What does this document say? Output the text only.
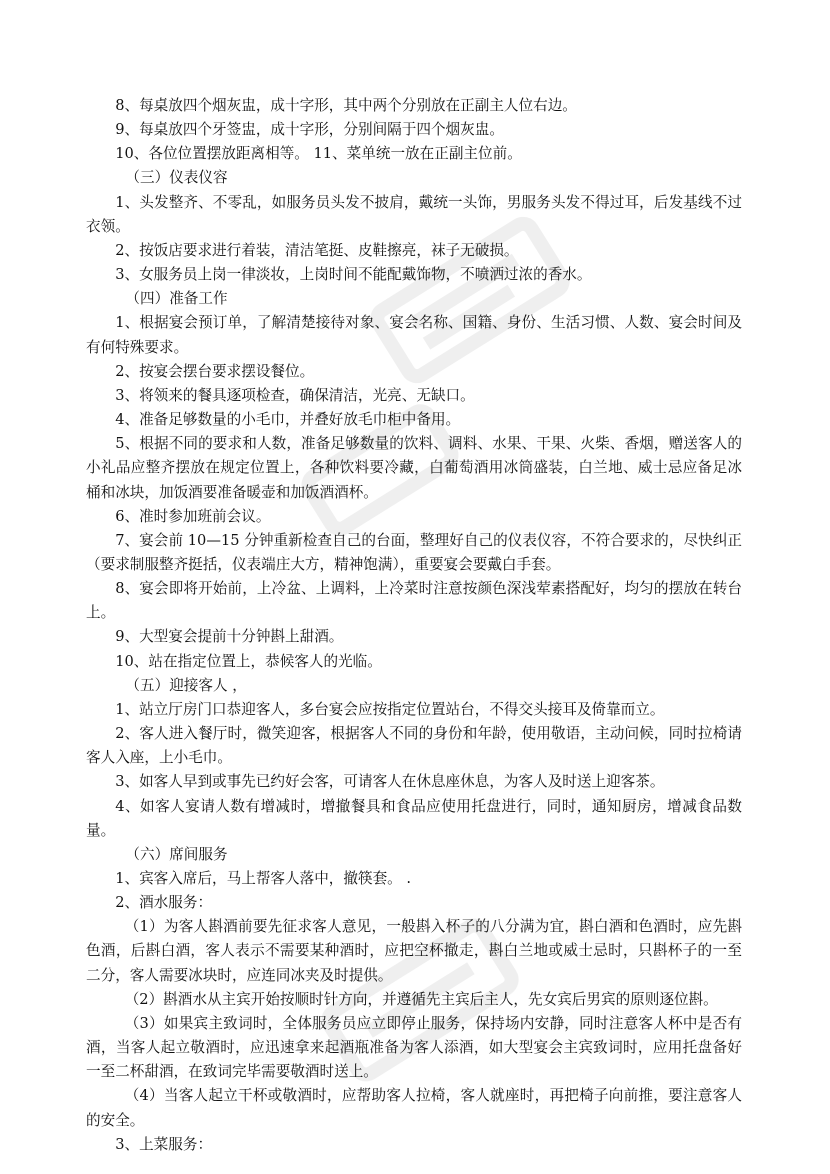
8、每桌放四个烟灰盅，成十字形，其中两个分别放在正副主人位右边。

9、每桌放四个牙签盅，成十字形，分别间隔于四个烟灰盅。

10、各位位置摆放距离相等。 11、菜单统一放在正副主位前。

（三）仪表仪容

1、头发整齐、不零乱，如服务员头发不披肩，戴统一头饰，男服务头发不得过耳，后发基线不过衣领。

2、按饭店要求进行着装，清洁笔挺、皮鞋擦亮，袜子无破损。

3、女服务员上岗一律淡妆，上岗时间不能配戴饰物，不喷洒过浓的香水。

（四）准备工作

1、根据宴会预订单，了解清楚接待对象、宴会名称、国籍、身份、生活习惯、人数、宴会时间及有何特殊要求。

2、按宴会摆台要求摆设餐位。

3、将领来的餐具逐项检查，确保清洁，光亮、无缺口。

4、准备足够数量的小毛巾，并叠好放毛巾柜中备用。

5、根据不同的要求和人数，准备足够数量的饮料、调料、水果、干果、火柴、香烟，赠送客人的小礼品应整齐摆放在规定位置上，各种饮料要冷藏，白葡萄酒用冰筒盛装，白兰地、威士忌应备足冰桶和冰块，加饭酒要准备暖壶和加饭酒酒杯。

6、准时参加班前会议。

7、宴会前 10—15 分钟重新检查自己的台面，整理好自己的仪表仪容，不符合要求的，尽快纠正（要求制服整齐挺括，仪表端庄大方，精神饱满），重要宴会要戴白手套。

8、宴会即将开始前，上冷盆、上调料，上冷菜时注意按颜色深浅荤素搭配好，均匀的摆放在转台上。

9、大型宴会提前十分钟斟上甜酒。

10、站在指定位置上，恭候客人的光临。

（五）迎接客人 ，

1、站立厅房门口恭迎客人，多台宴会应按指定位置站台，不得交头接耳及倚靠而立。

2、客人进入餐厅时，微笑迎客，根据客人不同的身份和年龄，使用敬语，主动问候，同时拉椅请客人入座，上小毛巾。

3、如客人早到或事先已约好会客，可请客人在休息座休息，为客人及时送上迎客茶。

4、如客人宴请人数有增减时，增撤餐具和食品应使用托盘进行，同时，通知厨房，增减食品数量。

（六）席间服务

1、宾客入席后，马上帮客人落中，撤筷套。 .

2、酒水服务：

（1）为客人斟酒前要先征求客人意见，一般斟入杯子的八分满为宜，斟白酒和色酒时，应先斟色酒，后斟白酒，客人表示不需要某种酒时，应把空杯撤走，斟白兰地或威士忌时，只斟杯子的一至二分，客人需要冰块时，应连同冰夹及时提供。

（2）斟酒水从主宾开始按顺时针方向，并遵循先主宾后主人，先女宾后男宾的原则逐位斟。

（3）如果宾主致词时，全体服务员应立即停止服务，保持场内安静，同时注意客人杯中是否有酒，当客人起立敬酒时，应迅速拿来起酒瓶准备为客人添酒，如大型宴会主宾致词时，应用托盘备好一至二杯甜酒，在致词完毕需要敬酒时送上。

（4）当客人起立干杯或敬酒时，应帮助客人拉椅，客人就座时，再把椅子向前推，要注意客人的安全。

3、上菜服务：
